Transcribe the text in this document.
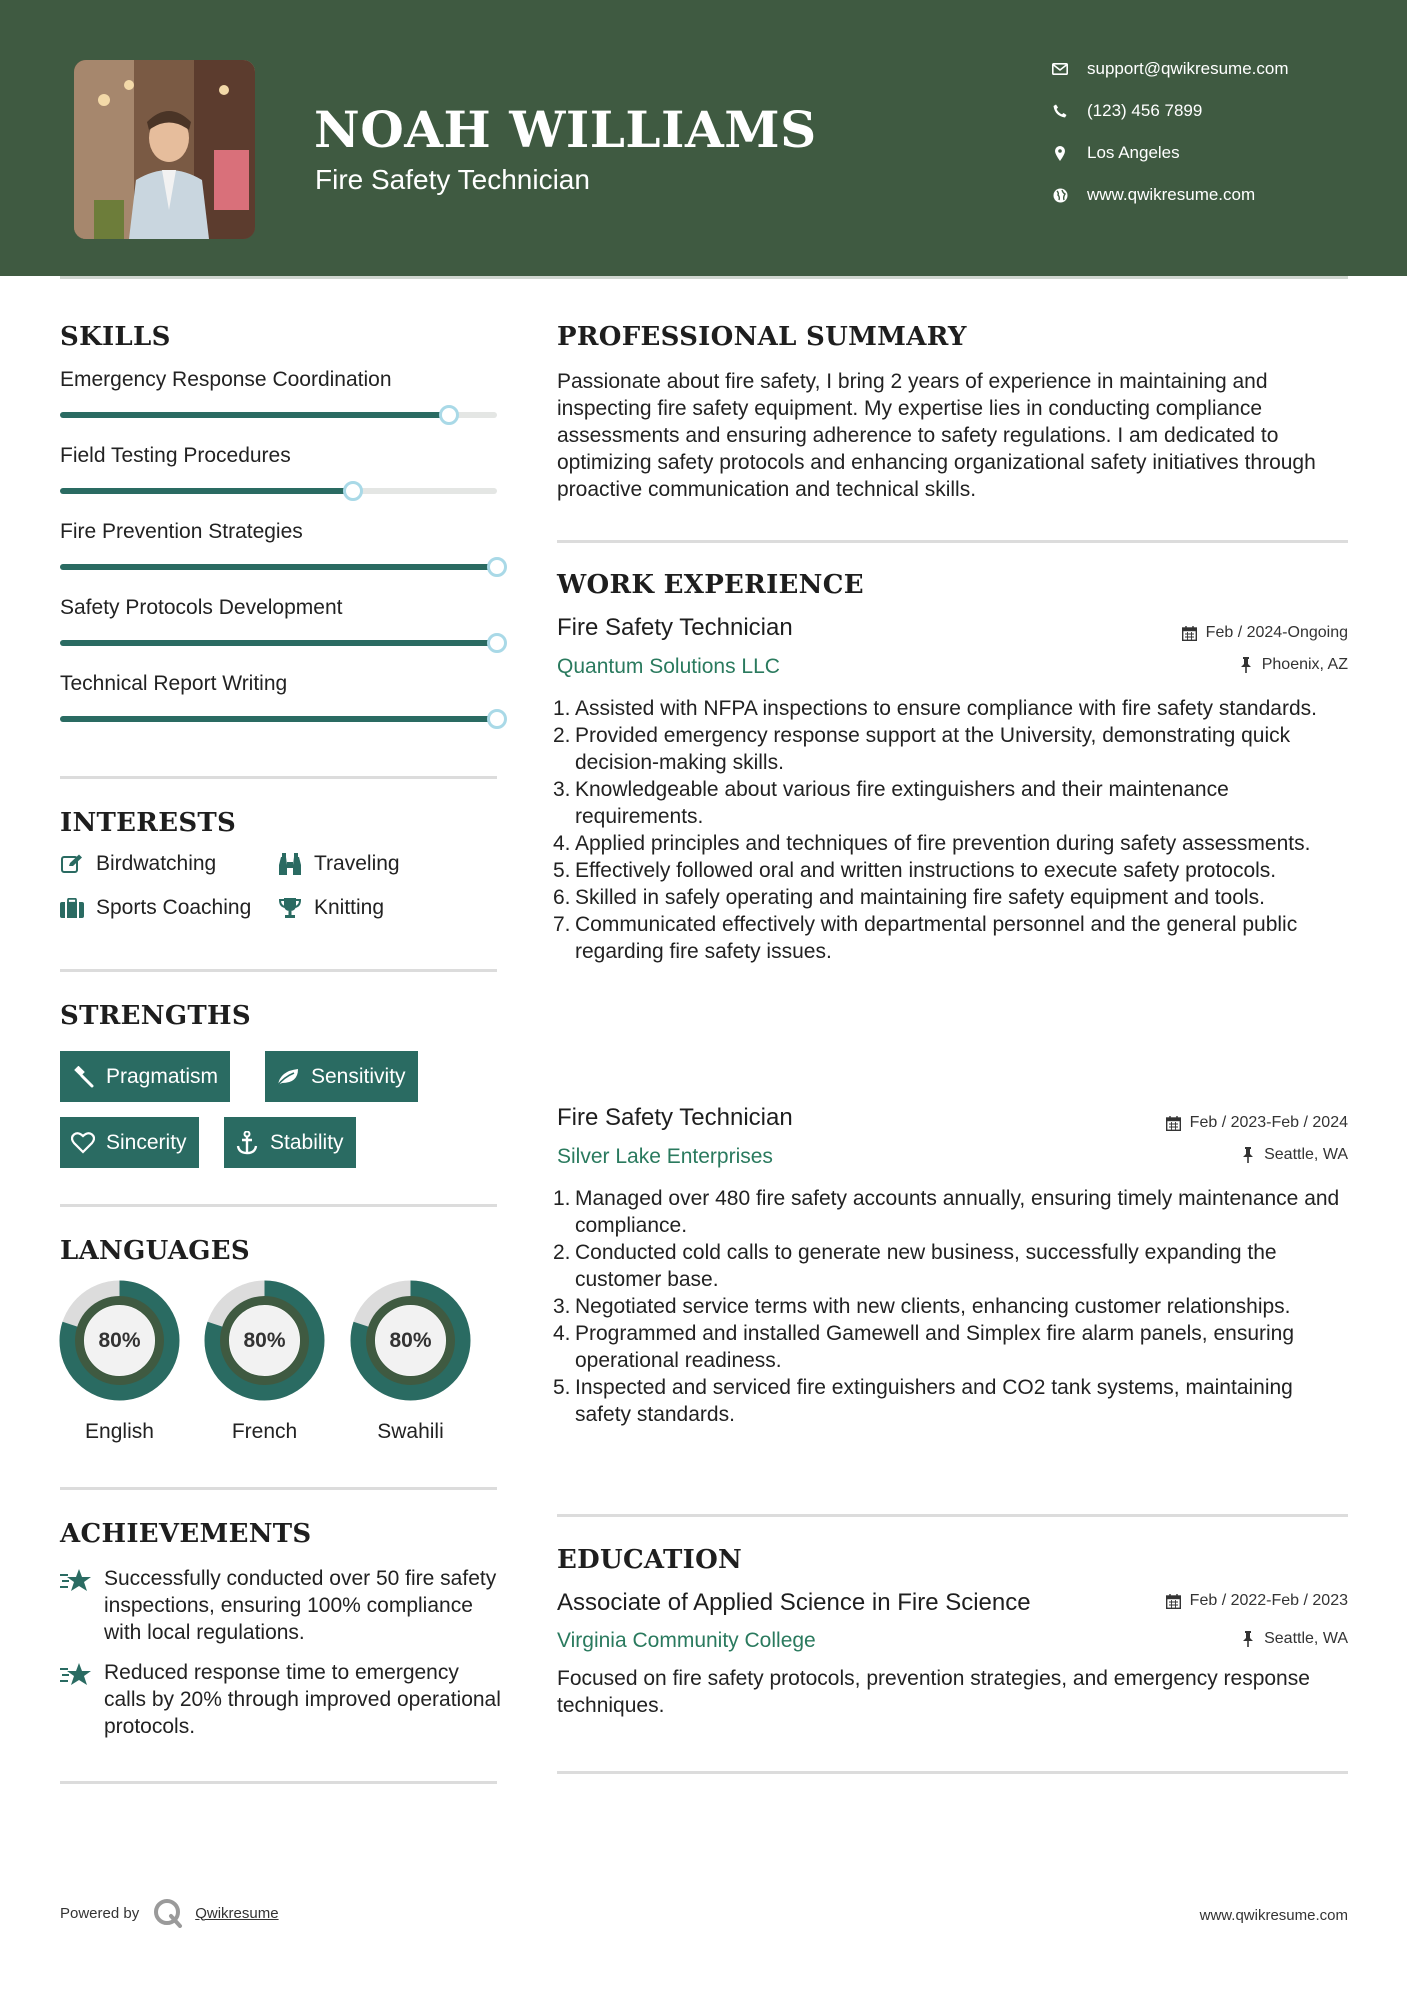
NOAH WILLIAMS
Fire Safety Technician
support@qwikresume.com
(123) 456 7899
Los Angeles
www.qwikresume.com
SKILLS
Emergency Response Coordination
Field Testing Procedures
Fire Prevention Strategies
Safety Protocols Development
Technical Report Writing
INTERESTS
Birdwatching	Traveling
Sports Coaching	Knitting
STRENGTHS
Pragmatism	Sensitivity
Sincerity	Stability
LANGUAGES
80%
English
80%
French
80%
Swahili
ACHIEVEMENTS
Successfully conducted over 50 fire safety inspections, ensuring 100% compliance with local regulations.
Reduced response time to emergency calls by 20% through improved operational protocols.
PROFESSIONAL SUMMARY
Passionate about fire safety, I bring 2 years of experience in maintaining and inspecting fire safety equipment. My expertise lies in conducting compliance assessments and ensuring adherence to safety regulations. I am dedicated to optimizing safety protocols and enhancing organizational safety initiatives through proactive communication and technical skills.
WORK EXPERIENCE
Fire Safety Technician
Quantum Solutions LLC
Feb / 2024-Ongoing
Phoenix, AZ
1. Assisted with NFPA inspections to ensure compliance with fire safety standards.
2. Provided emergency response support at the University, demonstrating quick decision-making skills.
3. Knowledgeable about various fire extinguishers and their maintenance requirements.
4. Applied principles and techniques of fire prevention during safety assessments.
5. Effectively followed oral and written instructions to execute safety protocols.
6. Skilled in safely operating and maintaining fire safety equipment and tools.
7. Communicated effectively with departmental personnel and the general public regarding fire safety issues.
Fire Safety Technician
Silver Lake Enterprises
Feb / 2023-Feb / 2024
Seattle, WA
1. Managed over 480 fire safety accounts annually, ensuring timely maintenance and compliance.
2. Conducted cold calls to generate new business, successfully expanding the customer base.
3. Negotiated service terms with new clients, enhancing customer relationships.
4. Programmed and installed Gamewell and Simplex fire alarm panels, ensuring operational readiness.
5. Inspected and serviced fire extinguishers and CO2 tank systems, maintaining safety standards.
EDUCATION
Associate of Applied Science in Fire Science
Virginia Community College
Feb / 2022-Feb / 2023
Seattle, WA
Focused on fire safety protocols, prevention strategies, and emergency response techniques.
Powered by	Qwikresume	www.qwikresume.com
